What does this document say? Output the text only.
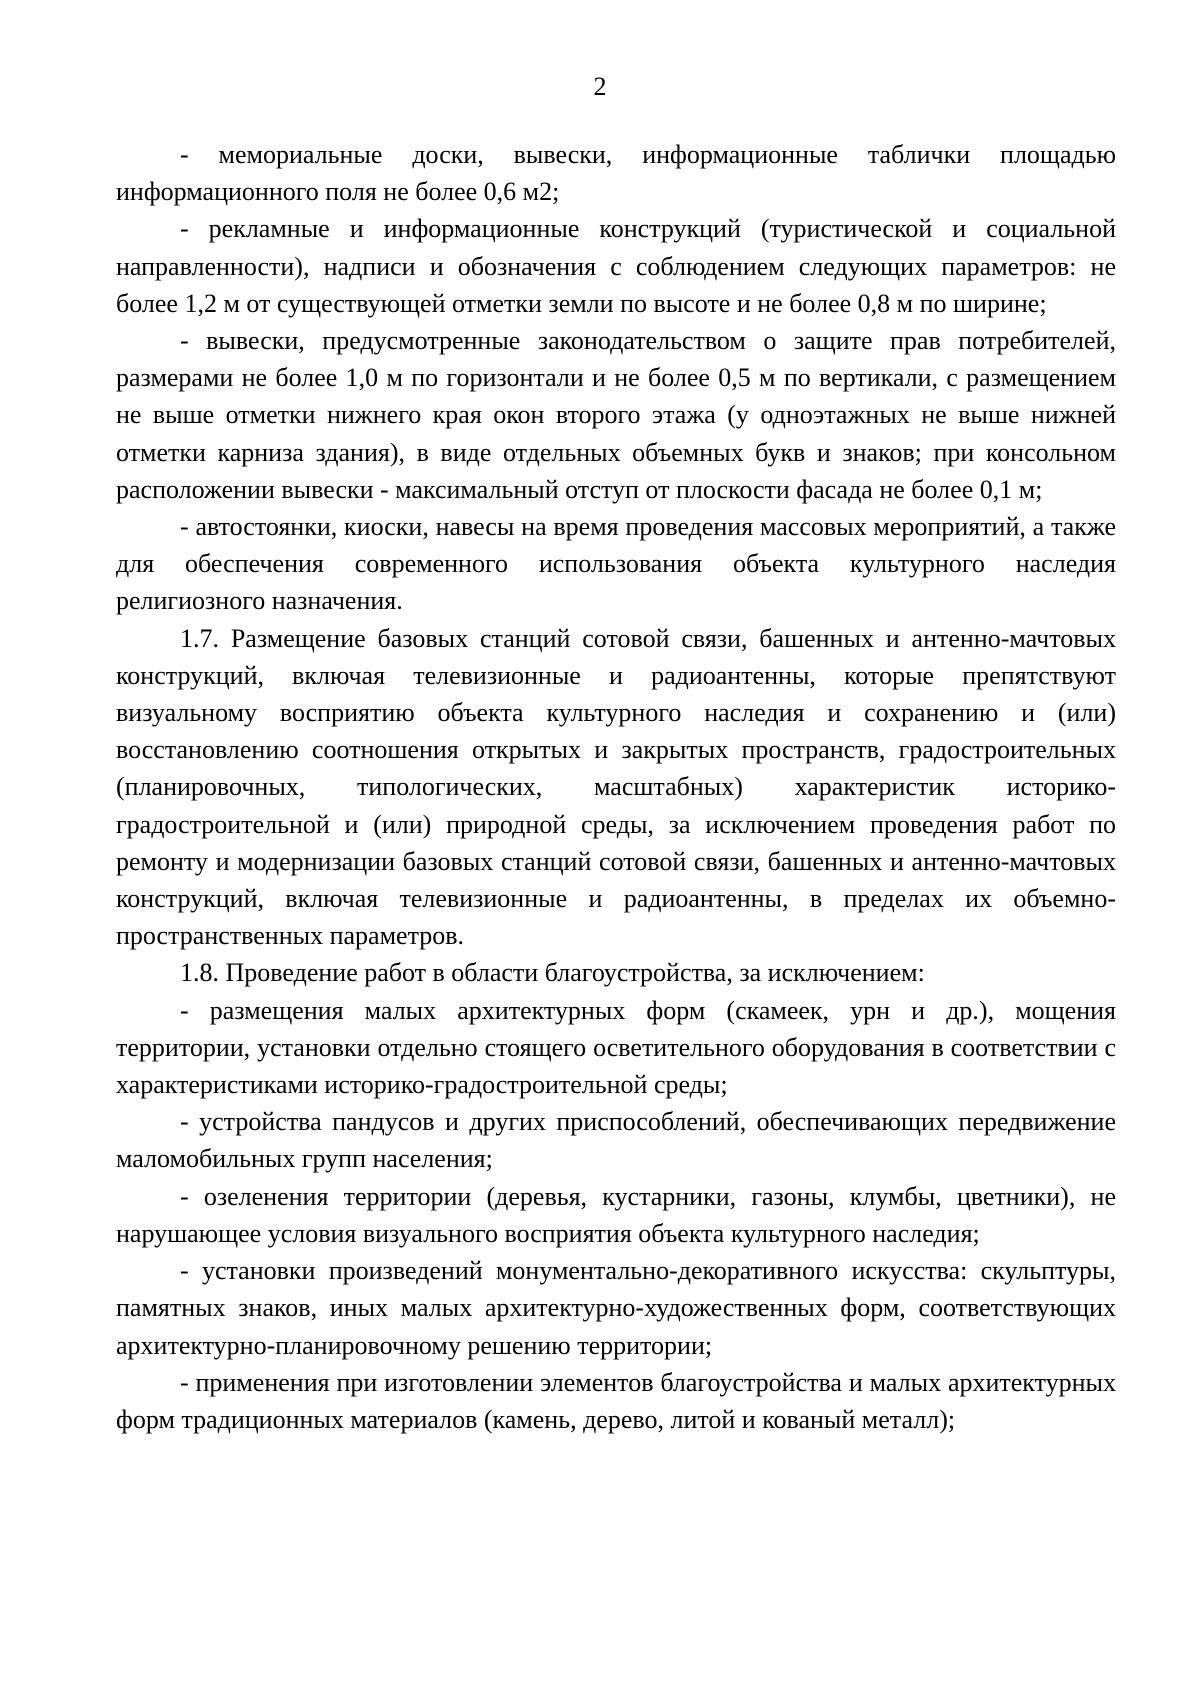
2

- мемориальные доски, вывески, информационные таблички площадью информационного поля не более 0,6 м2;

- рекламные и информационные конструкций (туристической и социальной направленности), надписи и обозначения с соблюдением следующих параметров: не более 1,2 м от существующей отметки земли по высоте и не более 0,8 м по ширине;

- вывески, предусмотренные законодательством о защите прав потребителей, размерами не более 1,0 м по горизонтали и не более 0,5 м по вертикали, с размещением не выше отметки нижнего края окон второго этажа (у одноэтажных не выше нижней отметки карниза здания), в виде отдельных объемных букв и знаков; при консольном расположении вывески - максимальный отступ от плоскости фасада не более 0,1 м;

- автостоянки, киоски, навесы на время проведения массовых мероприятий, а также для обеспечения современного использования объекта культурного наследия религиозного назначения.

1.7. Размещение базовых станций сотовой связи, башенных и антенно-мачтовых конструкций, включая телевизионные и радиоантенны, которые препятствуют визуальному восприятию объекта культурного наследия и сохранению и (или) восстановлению соотношения открытых и закрытых пространств, градостроительных (планировочных, типологических, масштабных) характеристик историко-градостроительной и (или) природной среды, за исключением проведения работ по ремонту и модернизации базовых станций сотовой связи, башенных и антенно-мачтовых конструкций, включая телевизионные и радиоантенны, в пределах их объемно-пространственных параметров.

1.8. Проведение работ в области благоустройства, за исключением:

- размещения малых архитектурных форм (скамеек, урн и др.), мощения территории, установки отдельно стоящего осветительного оборудования в соответствии с характеристиками историко-градостроительной среды;

- устройства пандусов и других приспособлений, обеспечивающих передвижение маломобильных групп населения;

- озеленения территории (деревья, кустарники, газоны, клумбы, цветники), не нарушающее условия визуального восприятия объекта культурного наследия;

- установки произведений монументально-декоративного искусства: скульптуры, памятных знаков, иных малых архитектурно-художественных форм, соответствующих архитектурно-планировочному решению территории;

- применения при изготовлении элементов благоустройства и малых архитектурных форм традиционных материалов (камень, дерево, литой и кованый металл);
